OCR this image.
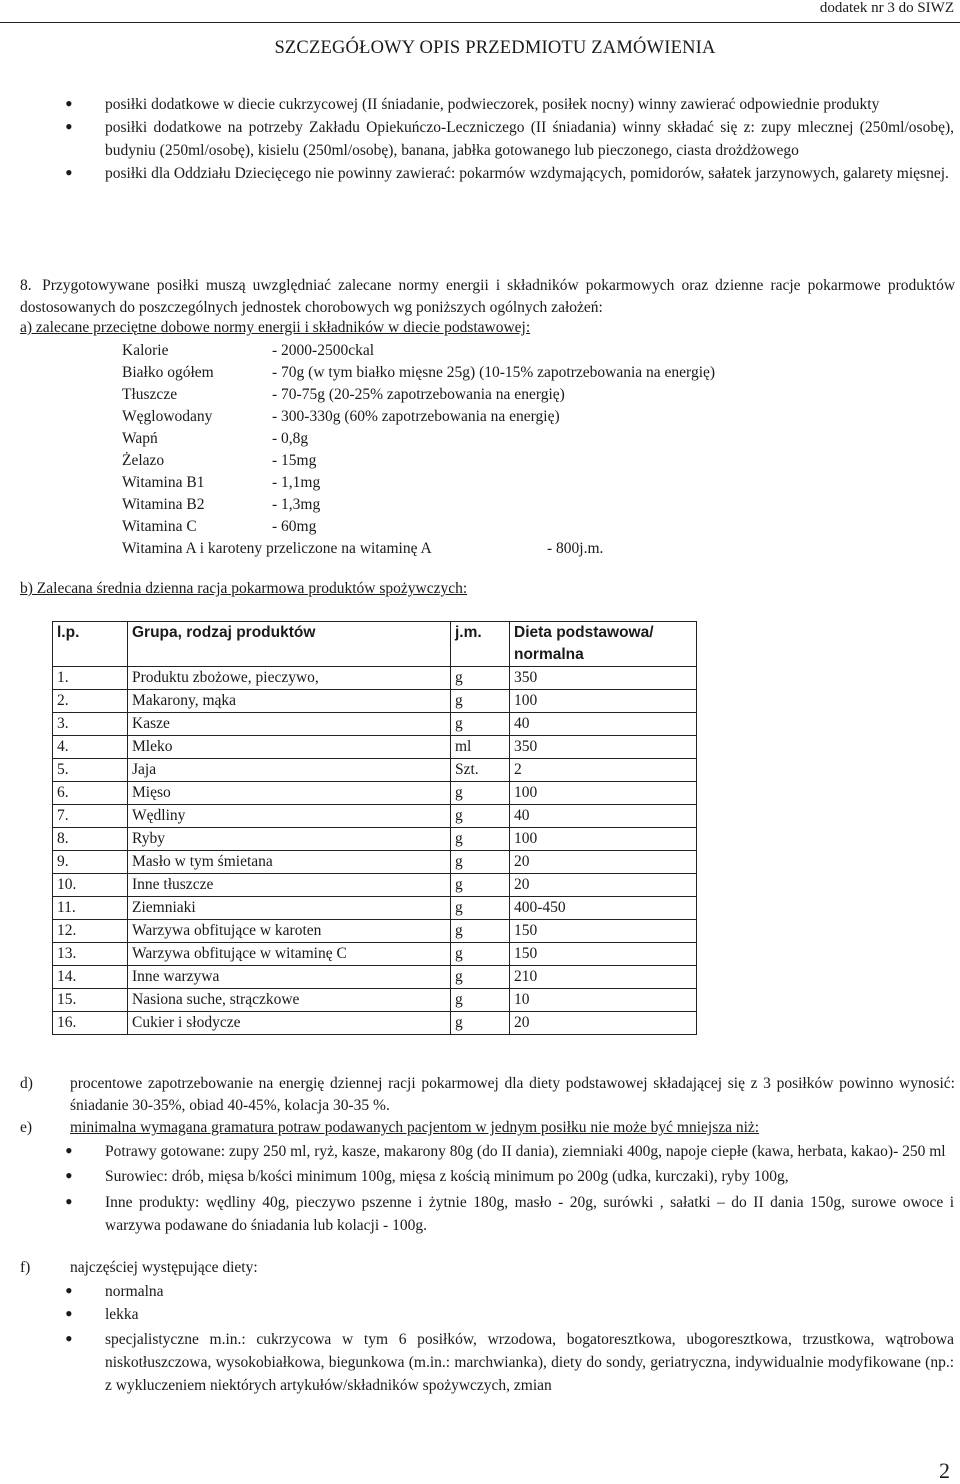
dodatek nr 3 do SIWZ
SZCZEGÓŁOWY OPIS PRZEDMIOTU ZAMÓWIENIA
• posiłki dodatkowe w diecie cukrzycowej (II śniadanie, podwieczorek, posiłek nocny) winny zawierać odpowiednie produkty
• posiłki dodatkowe na potrzeby Zakładu Opiekuńczo-Leczniczego (II śniadania) winny składać się z: zupy mlecznej (250ml/osobę), budyniu (250ml/osobę), kisielu (250ml/osobę), banana, jabłka gotowanego lub pieczonego, ciasta drożdżowego
• posiłki dla Oddziału Dziecięcego nie powinny zawierać: pokarmów wzdymających, pomidorów, sałatek jarzynowych, galarety mięsnej.

8. Przygotowywane posiłki muszą uwzględniać zalecane normy energii i składników pokarmowych oraz dzienne racje pokarmowe produktów dostosowanych do poszczególnych jednostek chorobowych wg poniższych ogólnych założeń:

a) zalecane przeciętne dobowe normy energii i składników w diecie podstawowej:

Kalorie	- 2000-2500ckal
Białko ogółem	- 70g (w tym białko mięsne 25g) (10-15% zapotrzebowania na energię)
Tłuszcze	- 70-75g (20-25% zapotrzebowania na energię)
Węglowodany	- 300-330g (60% zapotrzebowania na energię)
Wapń	- 0,8g
Żelazo	- 15mg
Witamina B1	- 1,1mg
Witamina B2	- 1,3mg
Witamina C	- 60mg
Witamina A i karoteny przeliczone na witaminę A	- 800j.m.

b) Zalecana średnia dzienna racja pokarmowa produktów spożywczych:

l.p.	Grupa, rodzaj produktów	j.m.	Dieta podstawowa/ normalna
1.	Produktu zbożowe, pieczywo,	g	350
2.	Makarony, mąka	g	100
3.	Kasze	g	40
4.	Mleko	ml	350
5.	Jaja	Szt.	2
6.	Mięso	g	100
7.	Wędliny	g	40
8.	Ryby	g	100
9.	Masło w tym śmietana	g	20
10.	Inne tłuszcze	g	20
11.	Ziemniaki	g	400-450
12.	Warzywa obfitujące w karoten	g	150
13.	Warzywa obfitujące w witaminę C	g	150
14.	Inne warzywa	g	210
15.	Nasiona suche, strączkowe	g	10
16.	Cukier i słodycze	g	20

d)	procentowe zapotrzebowanie na energię dziennej racji pokarmowej dla diety podstawowej składającej się z 3 posiłków powinno wynosić: śniadanie 30-35%, obiad 40-45%, kolacja 30-35 %.

e) minimalna wymagana gramatura potraw podawanych pacjentom w jednym posiłku nie może być mniejsza niż:

• Potrawy gotowane: zupy 250 ml, ryż, kasze, makarony 80g (do II dania), ziemniaki 400g, napoje ciepłe (kawa, herbata, kakao)- 250 ml
• Surowiec: drób, mięsa b/kości minimum 100g, mięsa z kością minimum po 200g (udka, kurczaki), ryby 100g,
• Inne produkty: wędliny 40g, pieczywo pszenne i żytnie 180g, masło - 20g, surówki , sałatki – do II dania 150g, surowe owoce i warzywa podawane do śniadania lub kolacji - 100g.

f)	najczęściej występujące diety:

• normalna
• lekka
• specjalistyczne m.in.: cukrzycowa w tym 6 posiłków, wrzodowa, bogatoresztkowa, ubogoresztkowa, trzustkowa, wątrobowa niskotłuszczowa, wysokobiałkowa, biegunkowa (m.in.: marchwianka), diety do sondy, geriatryczna, indywidualnie modyfikowane (np.: z wykluczeniem niektórych artykułów/składników spożywczych, zmian
2
